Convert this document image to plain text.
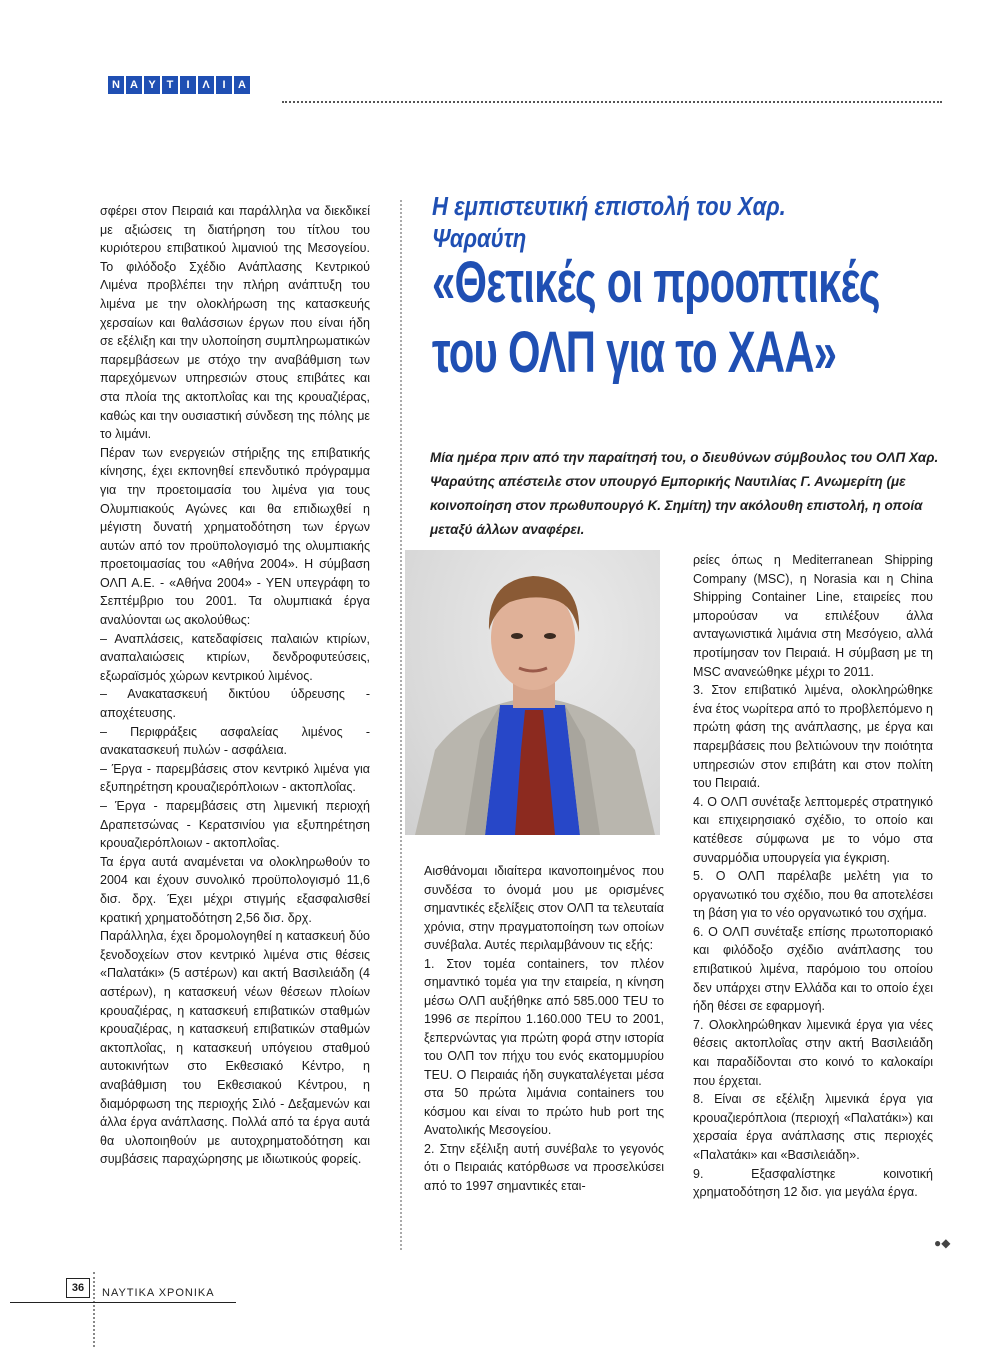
Ν Α Υ Τ	Ι	Λ	Ι	Α

σφέρει στον Πειραιά και παράλληλα να διεκδικεί με αξιώσεις τη διατήρηση του τίτλου του κυριότερου επιβατικού λιμανιού της Μεσογείου. Το φιλόδοξο Σχέδιο Ανάπλασης Κεντρικού Λιμένα προβλέπει την πλήρη ανάπτυξη του λιμένα με την ολοκλήρωση της κατασκευής χερσαίων και θαλάσσιων έργων που είναι ήδη σε εξέλιξη και την υλοποίηση συμπληρωματικών παρεμβάσεων με στόχο την αναβάθμιση των παρεχόμενων υπηρεσιών στους επιβάτες και στα πλοία της ακτοπλοΐας και της κρουαζιέρας, καθώς και την ουσιαστική σύνδεση της πόλης με το λιμάνι.

Πέραν των ενεργειών στήριξης της επιβατικής κίνησης, έχει εκπονηθεί επενδυτικό πρόγραμμα για την προετοιμασία του λιμένα για τους Ολυμπιακούς Αγώνες και θα επιδιωχθεί η μέγιστη δυνατή χρηματοδότηση των έργων αυτών από τον προϋπολογισμό της ολυμπιακής προετοιμασίας του «Αθήνα 2004». Η σύμβαση ΟΛΠ Α.Ε. - «Αθήνα 2004» - ΥΕΝ υπεγράφη το Σεπτέμβριο του 2001. Τα ολυμπιακά έργα αναλύονται ως ακολούθως:

– Αναπλάσεις, κατεδαφίσεις παλαιών κτιρίων, αναπαλαιώσεις κτιρίων, δενδροφυτεύσεις, εξωραϊσμός χώρων κεντρικού λιμένος.

– Ανακατασκευή δικτύου ύδρευσης - αποχέτευσης.

– Περιφράξεις ασφαλείας λιμένος - ανακατασκευή πυλών - ασφάλεια.

– Έργα - παρεμβάσεις στον κεντρικό λιμένα για εξυπηρέτηση κρουαζιερόπλοιων - ακτοπλοΐας.

– Έργα - παρεμβάσεις στη λιμενική περιοχή Δραπετσώνας - Κερατσινίου για εξυπηρέτηση κρουαζιερόπλοιων - ακτοπλοΐας.

Τα έργα αυτά αναμένεται να ολοκληρωθούν το 2004 και έχουν συνολικό προϋπολογισμό 11,6 δισ. δρχ. Έχει μέχρι στιγμής εξασφαλισθεί κρατική χρηματοδότηση 2,56 δισ. δρχ.

Παράλληλα, έχει δρομολογηθεί η κατασκευή δύο ξενοδοχείων στον κεντρικό λιμένα στις θέσεις «Παλατάκι» (5 αστέρων) και ακτή Βασιλειάδη (4 αστέρων), η κατασκευή νέων θέσεων πλοίων κρουαζιέρας, η κατασκευή επιβατικών σταθμών κρουαζιέρας, η κατασκευή επιβατικών σταθμών ακτοπλοΐας, η κατασκευή υπόγειου σταθμού αυτοκινήτων στο Εκθεσιακό Κέντρο, η αναβάθμιση του Εκθεσιακού Κέντρου, η διαμόρφωση της περιοχής Σιλό - Δεξαμενών και άλλα έργα ανάπλασης. Πολλά από τα έργα αυτά θα υλοποιηθούν με αυτοχρηματοδότηση και συμβάσεις παραχώρησης με ιδιωτικούς φορείς.

Η εμπιστευτική επιστολή του Χαρ. Ψαραύτη
«Θετικές οι προοπτικές
του ΟΛΠ για το ΧΑΑ»
Μία ημέρα πριν από την παραίτησή του, ο διευθύνων σύμβουλος του ΟΛΠ Χαρ. Ψαραύτης απέστειλε στον υπουργό Εμπορικής Ναυτιλίας Γ. Ανωμερίτη (με κοινοποίηση στον πρωθυπουργό Κ. Σημίτη) την ακόλουθη επιστολή, η οποία μεταξύ άλλων αναφέρει.

Αισθάνομαι ιδιαίτερα ικανοποιημένος που συνδέσα το όνομά μου με ορισμένες σημαντικές εξελίξεις στον ΟΛΠ τα τελευταία χρόνια, στην πραγματοποίηση των οποίων συνέβαλα. Αυτές περιλαμβάνουν τις εξής:

1. Στον τομέα containers, τον πλέον σημαντικό τομέα για την εταιρεία, η κίνηση μέσω ΟΛΠ αυξήθηκε από 585.000 TEU το 1996 σε περίπου 1.160.000 TEU το 2001, ξεπερνώντας για πρώτη φορά στην ιστορία του ΟΛΠ τον πήχυ του ενός εκατομμυρίου TEU. Ο Πειραιάς ήδη συγκαταλέγεται μέσα στα 50 πρώτα λιμάνια containers του κόσμου και είναι το πρώτο hub port της Ανατολικής Μεσογείου.

2. Στην εξέλιξη αυτή συνέβαλε το γεγονός ότι ο Πειραιάς κατόρθωσε να προσελκύσει από το 1997 σημαντικές εται-

ρείες όπως η Mediterranean Shipping Company (MSC), η Norasia και η China Shipping Container Line, εταιρείες που μπορούσαν να επιλέξουν άλλα ανταγωνιστικά λιμάνια στη Μεσόγειο, αλλά προτίμησαν τον Πειραιά. Η σύμβαση με τη MSC ανανεώθηκε μέχρι το 2011.

3. Στον επιβατικό λιμένα, ολοκληρώθηκε ένα έτος νωρίτερα από το προβλεπόμενο η πρώτη φάση της ανάπλασης, με έργα και παρεμβάσεις που βελτιώνουν την ποιότητα υπηρεσιών στον επιβάτη και στον πολίτη του Πειραιά.

4. Ο ΟΛΠ συνέταξε λεπτομερές στρατηγικό και επιχειρησιακό σχέδιο, το οποίο και κατέθεσε σύμφωνα με το νόμο στα συναρμόδια υπουργεία για έγκριση.

5. Ο ΟΛΠ παρέλαβε μελέτη για το οργανωτικό του σχέδιο, που θα αποτελέσει τη βάση για το νέο οργανωτικό του σχήμα.

6. Ο ΟΛΠ συνέταξε επίσης πρωτοποριακό και φιλόδοξο σχέδιο ανάπλασης του επιβατικού λιμένα, παρόμοιο του οποίου δεν υπάρχει στην Ελλάδα και το οποίο έχει ήδη θέσει σε εφαρμογή.

7. Ολοκληρώθηκαν λιμενικά έργα για νέες θέσεις ακτοπλοΐας στην ακτή Βασιλειάδη και παραδίδονται στο κοινό το καλοκαίρι που έρχεται.

8. Είναι σε εξέλιξη λιμενικά έργα για κρουαζιερόπλοια (περιοχή «Παλατάκι») και χερσαία έργα ανάπλασης στις περιοχές «Παλατάκι» και «Βασιλειάδη».

9. Εξασφαλίστηκε κοινοτική χρηματοδότηση 12 δισ. για μεγάλα έργα.

●◆
36	ΝΑΥΤΙΚΑ ΧΡΟΝΙΚΑ
